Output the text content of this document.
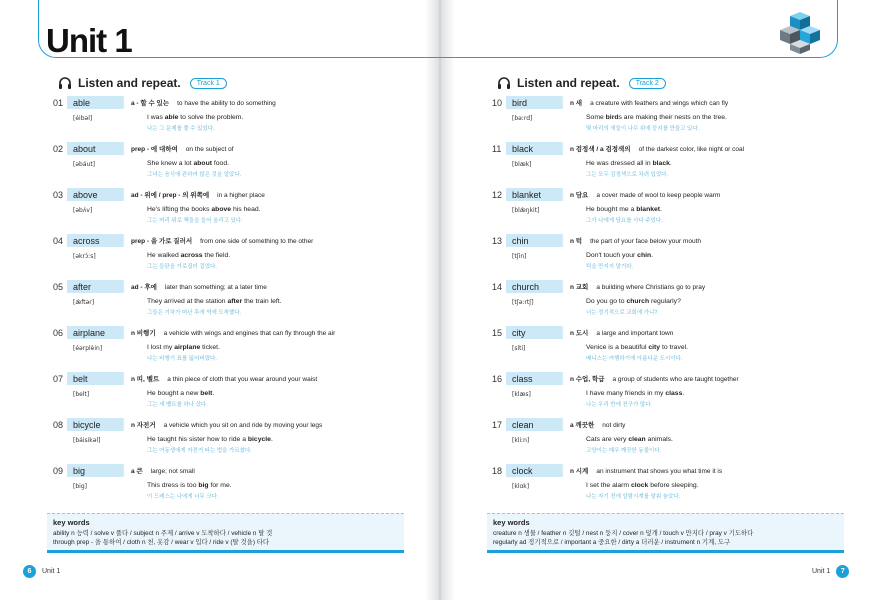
Unit 1
Listen and repeat.	Track 1
01 able	a - 할 수 있는 to have the ability to do something
[éibəl]	I was able to solve the problem.
나는 그 문제를 풀 수 있었다.
02 about	prep - 에 대하여 on the subject of
[əbáut]	She knew a lot about food.
그녀는 음식에 관하여 많은 것을 알았다.
03 above	ad - 위에 / prep - 의 위쪽에 in a higher place
[əbʌ́v]	He's lifting the books above his head.
그는 머리 위로 책들을 들어 올리고 있다.
04 across	prep - 을 가로 질러서 from one side of something to the other
[əkrɔ́ːs]	He walked across the field.
그는 들판을 가로질러 걸었다.
05 after	ad - 후에 later than something; at a later time
[ǽftər]	They arrived at the station after the train left.
그들은 기차가 떠난 후에 역에 도착했다.
06 airplane	n 비행기 a vehicle with wings and engines that can fly through the air
[éərplèin]	I lost my airplane ticket.
나는 비행기 표를 잃어버렸다.
07 belt	n 띠, 벨트 a thin piece of cloth that you wear around your waist
[belt]	He bought a new belt.
그는 새 벨트를 하나 샀다.
08 bicycle	n 자전거 a vehicle which you sit on and ride by moving your legs
[báisikəl]	He taught his sister how to ride a bicycle.
그는 여동생에게 자전거 타는 법을 가르쳤다.
09 big	a 큰 large; not small
[big]	This dress is too big for me.
이 드레스는 나에게 너무 크다.
key words
ability n 능력 / solve v 풀다 / subject n 주제 / arrive v 도착하다 / vehicle n 탈 것
through prep - 을 통하여 / cloth n 천, 옷감 / wear v 입다 / ride v (탈 것을) 타다
6	Unit 1
Listen and repeat.	Track 2
10 bird	n 새 a creature with feathers and wings which can fly
[bəːrd]	Some birds are making their nests on the tree.
몇 마리의 새들이 나무 위에 둥지를 만들고 있다.
11 black	n 검정색 / a 검정색의 of the darkest color, like night or coal
[blæk]	He was dressed all in black.
그는 모두 검정색으로 차려 입었다.
12 blanket	n 담요 a cover made of wool to keep people warm
[blǽŋkit]	He bought me a blanket.
그가 나에게 담요를 사다 주었다.
13 chin	n 턱 the part of your face below your mouth
[tʃin]	Don't touch your chin.
턱을 만지지 말거라.
14 church	n 교회 a building where Christians go to pray
[tʃəːrtʃ]	Do you go to church regularly?
너는 정기적으로 교회에 가니?
15 city	n 도시 a large and important town
[síti]	Venice is a beautiful city to travel.
베니스는 여행하기에 아름다운 도시이다.
16 class	n 수업, 학급 a group of students who are taught together
[klæs]	I have many friends in my class.
나는 우리 반에 친구가 많다.
17 clean	a 깨끗한 not dirty
[kliːn]	Cats are very clean animals.
고양이는 매우 깨끗한 동물이다.
18 clock	n 시계 an instrument that shows you what time it is
[klɑk]	I set the alarm clock before sleeping.
나는 자기 전에 알람시계를 맞춰 놓았다.
key words
creature n 생물 / feather n 깃털 / nest n 둥지 / cover n 덮개 / touch v 만지다 / pray v 기도하다
regularly ad 정기적으로 / important a 중요한 / dirty a 더러운 / instrument n 기계, 도구
Unit 1	7
